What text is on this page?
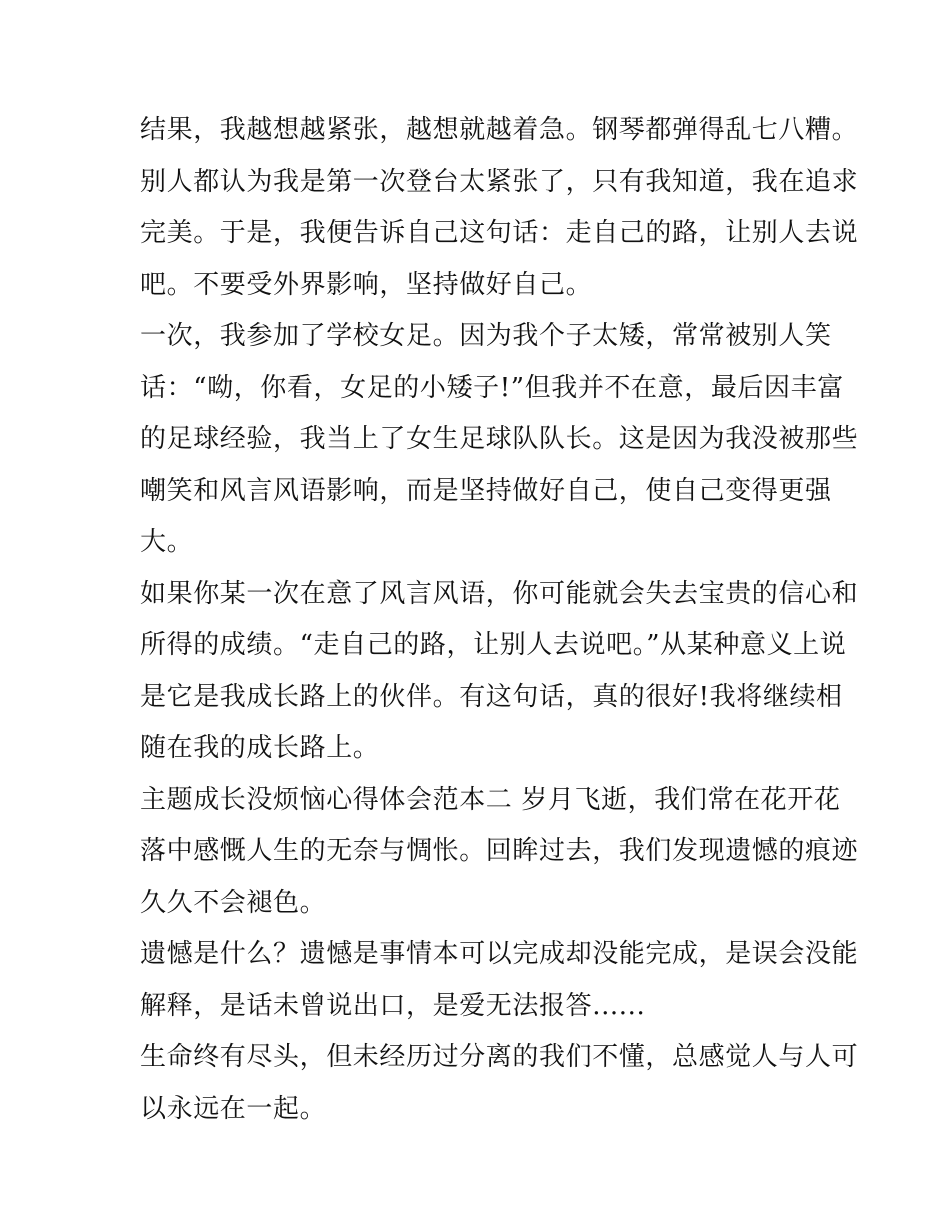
结果，我越想越紧张，越想就越着急。钢琴都弹得乱七八糟。
别人都认为我是第一次登台太紧张了，只有我知道，我在追求
完美。于是，我便告诉自己这句话：走自己的路，让别人去说
吧。不要受外界影响，坚持做好自己。
一次，我参加了学校女足。因为我个子太矮，常常被别人笑
话：“呦，你看，女足的小矮子!”但我并不在意，最后因丰富
的足球经验，我当上了女生足球队队长。这是因为我没被那些
嘲笑和风言风语影响，而是坚持做好自己，使自己变得更强
大。
如果你某一次在意了风言风语，你可能就会失去宝贵的信心和
所得的成绩。“走自己的路，让别人去说吧。”从某种意义上说
是它是我成长路上的伙伴。有这句话，真的很好!我将继续相
随在我的成长路上。
主题成长没烦恼心得体会范本二 岁月飞逝，我们常在花开花
落中感慨人生的无奈与惆怅。回眸过去，我们发现遗憾的痕迹
久久不会褪色。
遗憾是什么？遗憾是事情本可以完成却没能完成，是误会没能
解释，是话未曾说出口，是爱无法报答......
生命终有尽头，但未经历过分离的我们不懂，总感觉人与人可
以永远在一起。
